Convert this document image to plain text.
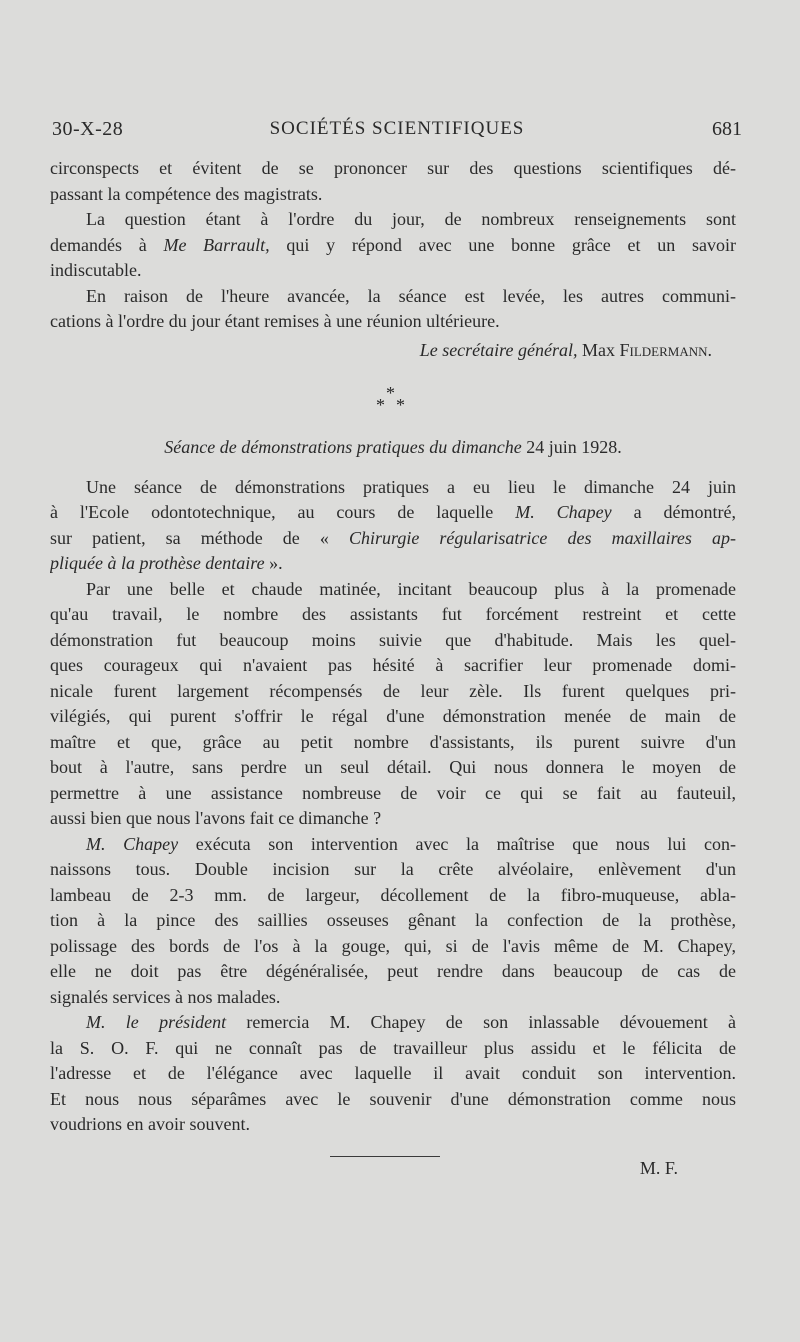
30-X-28	SOCIÉTÉS SCIENTIFIQUES	681
circonspects et évitent de se prononcer sur des questions scientifiques dé-
passant la compétence des magistrats.
La question étant à l'ordre du jour, de nombreux renseignements sont
demandés à Me Barrault, qui y répond avec une bonne grâce et un savoir
indiscutable.
En raison de l'heure avancée, la séance est levée, les autres communi-
cations à l'ordre du jour étant remises à une réunion ultérieure.
Le secrétaire général, Max Fildermann.
*
* *
Séance de démonstrations pratiques du dimanche 24 juin 1928.
Une séance de démonstrations pratiques a eu lieu le dimanche 24 juin
à l'Ecole odontotechnique, au cours de laquelle M. Chapey a démontré,
sur patient, sa méthode de « Chirurgie régularisatrice des maxillaires ap-
pliquée à la prothèse dentaire ».
Par une belle et chaude matinée, incitant beaucoup plus à la promenade
qu'au travail, le nombre des assistants fut forcément restreint et cette
démonstration fut beaucoup moins suivie que d'habitude. Mais les quel-
ques courageux qui n'avaient pas hésité à sacrifier leur promenade domi-
nicale furent largement récompensés de leur zèle. Ils furent quelques pri-
vilégiés, qui purent s'offrir le régal d'une démonstration menée de main de
maître et que, grâce au petit nombre d'assistants, ils purent suivre d'un
bout à l'autre, sans perdre un seul détail. Qui nous donnera le moyen de
permettre à une assistance nombreuse de voir ce qui se fait au fauteuil,
aussi bien que nous l'avons fait ce dimanche ?
M. Chapey exécuta son intervention avec la maîtrise que nous lui con-
naissons tous. Double incision sur la crête alvéolaire, enlèvement d'un
lambeau de 2-3 mm. de largeur, décollement de la fibro-muqueuse, abla-
tion à la pince des saillies osseuses gênant la confection de la prothèse,
polissage des bords de l'os à la gouge, qui, si de l'avis même de M. Chapey,
elle ne doit pas être dégénéralisée, peut rendre dans beaucoup de cas de
signalés services à nos malades.
M. le président remercia M. Chapey de son inlassable dévouement à
la S. O. F. qui ne connaît pas de travailleur plus assidu et le félicita de
l'adresse et de l'élégance avec laquelle il avait conduit son intervention.
Et nous nous séparâmes avec le souvenir d'une démonstration comme nous
voudrions en avoir souvent.
M. F.
